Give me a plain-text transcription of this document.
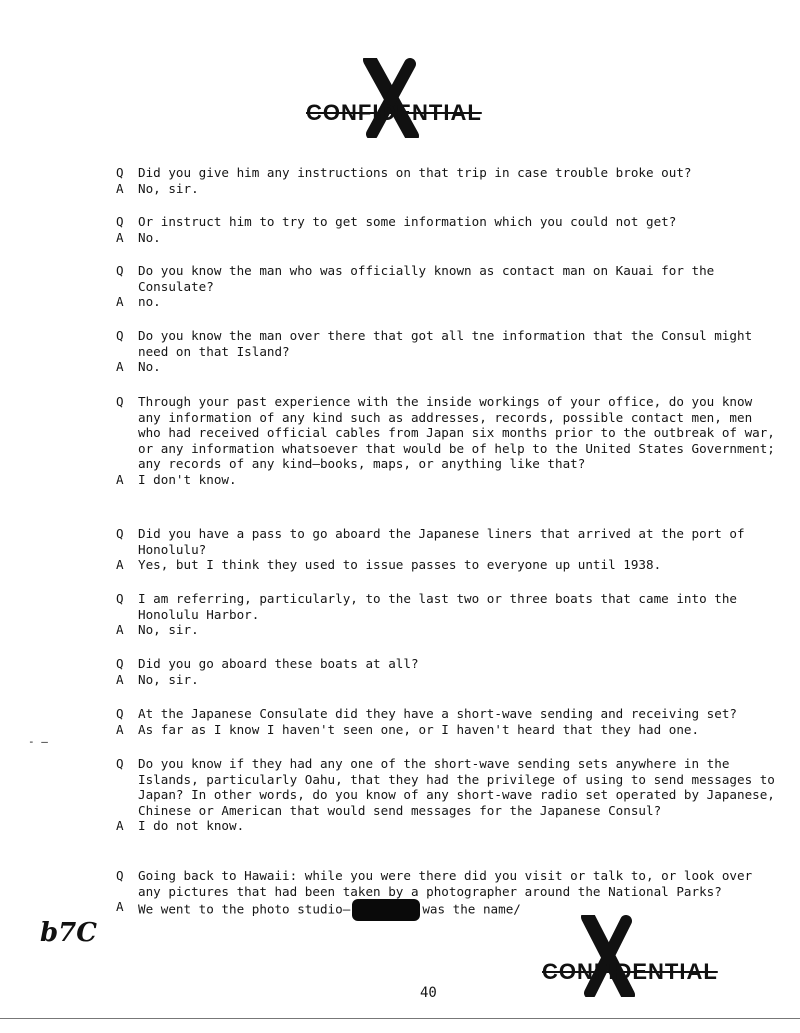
CONFIDENTIAL
Q	Did you give him any instructions on that trip in case trouble broke out?
A	No, sir.
Q	Or instruct him to try to get some information which you could not get?
A	No.
Q	Do you know the man who was officially known as contact man on Kauai for the Consulate?
A	no.
Q	Do you know the man over there that got all tne information that the Consul might need on that Island?
A	No.
Q	Through your past experience with the inside workings of your office, do you know any information of any kind such as addresses, records, possible contact men, men who had received official cables from Japan six months prior to the outbreak of war, or any information whatsoever that would be of help to the United States Government; any records of any kind—books, maps, or anything like that?
A	I don't know.
Q	Did you have a pass to go aboard the Japanese liners that arrived at the port of Honolulu?
A	Yes, but I think they used to issue passes to everyone up until 1938.
Q	I am referring, particularly, to the last two or three boats that came into the Honolulu Harbor.
A	No, sir.
Q	Did you go aboard these boats at all?
A	No, sir.
Q	At the Japanese Consulate did they have a short-wave sending and receiving set?
A	As far as I know I haven't seen one, or I haven't heard that they had one.
- —
Q	Do you know if they had any one of the short-wave sending sets anywhere in the Islands, particularly Oahu, that they had the privilege of using to send messages to Japan? In other words, do you know of any short-wave radio set operated by Japanese, Chinese or American that would send messages for the Japanese Consul?
A	I do not know.
Q	Going back to Hawaii: while you were there did you visit or talk to, or look over any pictures that had been taken by a photographer around the National Parks?
A	We went to the photo studio—	was the name/
b7C
CONFIDENTIAL
40
